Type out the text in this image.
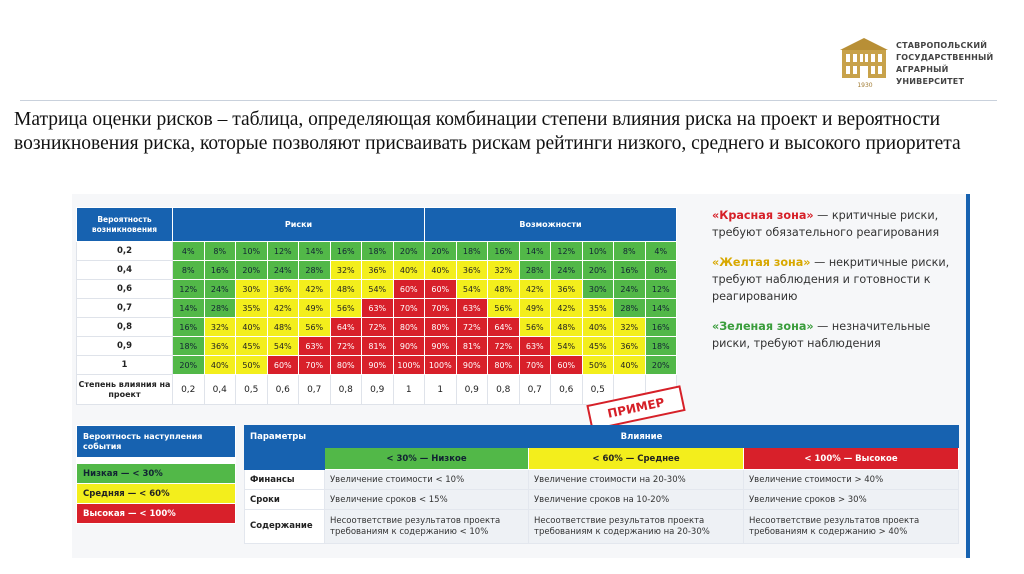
1930
СТАВРОПОЛЬСКИЙ
ГОСУДАРСТВЕННЫЙ
АГРАРНЫЙ УНИВЕРСИТЕТ
Матрица оценки рисков – таблица, определяющая комбинации степени влияния риска на проект и вероятности возникновения риска, которые позволяют присваивать рискам рейтинги низкого, среднего и высокого приоритета
Вероятность возникновения	Риски								Возможности							
0,2	4%	8%	10%	12%	14%	16%	18%	20%	20%	18%	16%	14%	12%	10%	8%	4%
0,4	8%	16%	20%	24%	28%	32%	36%	40%	40%	36%	32%	28%	24%	20%	16%	8%
0,6	12%	24%	30%	36%	42%	48%	54%	60%	60%	54%	48%	42%	36%	30%	24%	12%
0,7	14%	28%	35%	42%	49%	56%	63%	70%	70%	63%	56%	49%	42%	35%	28%	14%
0,8	16%	32%	40%	48%	56%	64%	72%	80%	80%	72%	64%	56%	48%	40%	32%	16%
0,9	18%	36%	45%	54%	63%	72%	81%	90%	90%	81%	72%	63%	54%	45%	36%	18%
1	20%	40%	50%	60%	70%	80%	90%	100%	100%	90%	80%	70%	60%	50%	40%	20%
Степень влияния на проект	0,2	0,4	0,5	0,6	0,7	0,8	0,9	1	1	0,9	0,8	0,7	0,6	0,5		
ПРИМЕР
«Красная зона» — критичные риски, требуют обязательного реагирования
«Желтая зона» — некритичные риски, требуют наблюдения и готовности к реагированию
«Зеленая зона» — незначительные риски, требуют наблюдения
Вероятность наступления события

Низкая — < 30%
Средняя — < 60%
Высокая — < 100%
Параметры	Влияние		
	< 30% — Низкое	< 60% — Среднее	< 100% — Высокое
Финансы	Увеличение стоимости < 10%	Увеличение стоимости на 20-30%	Увеличение стоимости > 40%
Сроки	Увеличение сроков < 15%	Увеличение сроков на 10-20%	Увеличение сроков > 30%
Содержание	Несоответствие результатов проекта требованиям к содержанию < 10%	Несоответствие результатов проекта требованиям к содержанию на 20-30%	Несоответствие результатов проекта требованиям к содержанию > 40%
